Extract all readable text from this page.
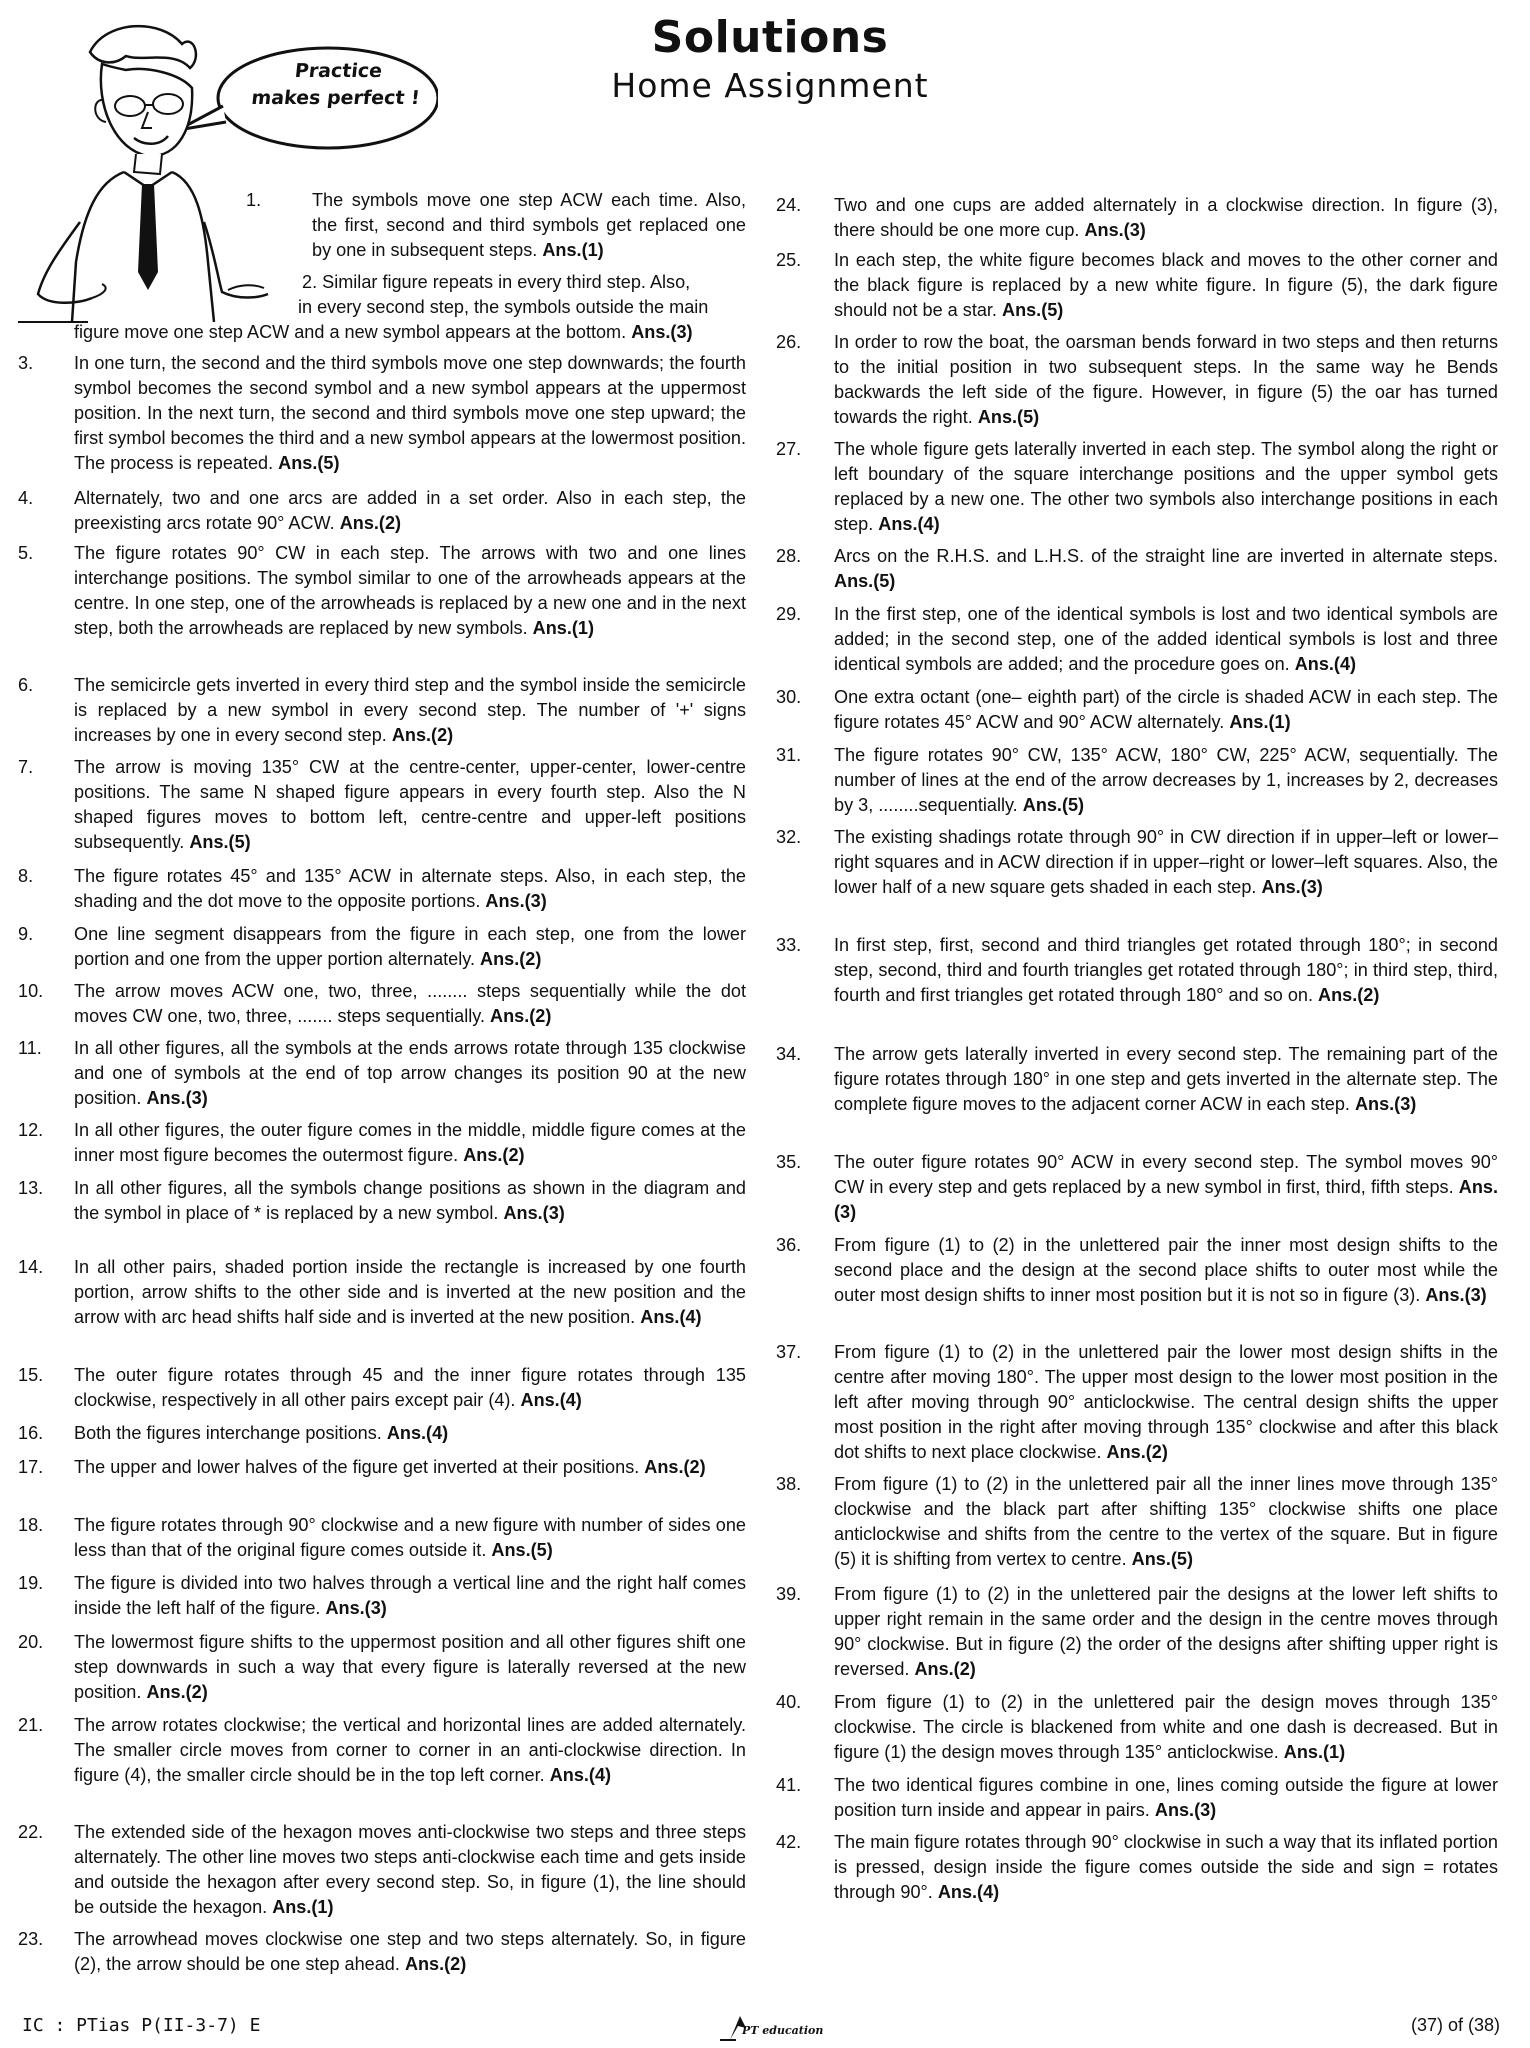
Solutions
Home Assignment
Practice
makes perfect !
1.	The symbols move one step ACW each time. Also, the first, second and third symbols get replaced one by one in subsequent steps. Ans.(1)
2. Similar figure repeats in every third step. Also,
in every second step, the symbols outside the main
figure move one step ACW and a new symbol appears at the bottom. Ans.(3)
3.	In one turn, the second and the third symbols move one step downwards; the fourth symbol becomes the second symbol and a new symbol appears at the uppermost position. In the next turn, the second and third symbols move one step upward; the first symbol becomes the third and a new symbol appears at the lowermost position. The process is repeated. Ans.(5)
4.	Alternately, two and one arcs are added in a set order. Also in each step, the preexisting arcs rotate 90° ACW. Ans.(2)
5.	The figure rotates 90° CW in each step. The arrows with two and one lines interchange positions. The symbol similar to one of the arrowheads appears at the centre. In one step, one of the arrowheads is replaced by a new one and in the next step, both the arrowheads are replaced by new symbols. Ans.(1)
6.	The semicircle gets inverted in every third step and the symbol inside the semicircle is replaced by a new symbol in every second step. The number of '+' signs increases by one in every second step. Ans.(2)
7.	The arrow is moving 135° CW at the centre-center, upper-center, lower-centre positions. The same N shaped figure appears in every fourth step. Also the N shaped figures moves to bottom left, centre-centre and upper-left positions subsequently. Ans.(5)
8.	The figure rotates 45° and 135° ACW in alternate steps. Also, in each step, the shading and the dot move to the opposite portions. Ans.(3)
9.	One line segment disappears from the figure in each step, one from the lower portion and one from the upper portion alternately. Ans.(2)
10.	The arrow moves ACW one, two, three, ........ steps sequentially while the dot moves CW one, two, three, ....... steps sequentially. Ans.(2)
11.	In all other figures, all the symbols at the ends arrows rotate through 135 clockwise and one of symbols at the end of top arrow changes its position 90 at the new position. Ans.(3)
12.	In all other figures, the outer figure comes in the middle, middle figure comes at the inner most figure becomes the outermost figure. Ans.(2)
13.	In all other figures, all the symbols change positions as shown in the diagram and the symbol in place of * is replaced by a new symbol. Ans.(3)
14.	In all other pairs, shaded portion inside the rectangle is increased by one fourth portion, arrow shifts to the other side and is inverted at the new position and the arrow with arc head shifts half side and is inverted at the new position. Ans.(4)
15.	The outer figure rotates through 45 and the inner figure rotates through 135 clockwise, respectively in all other pairs except pair (4). Ans.(4)
16.	Both the figures interchange positions. Ans.(4)
17.	The upper and lower halves of the figure get inverted at their positions. Ans.(2)
18.	The figure rotates through 90° clockwise and a new figure with number of sides one less than that of the original figure comes outside it. Ans.(5)
19.	The figure is divided into two halves through a vertical line and the right half comes inside the left half of the figure. Ans.(3)
20.	The lowermost figure shifts to the uppermost position and all other figures shift one step downwards in such a way that every figure is laterally reversed at the new position. Ans.(2)
21.	The arrow rotates clockwise; the vertical and horizontal lines are added alternately. The smaller circle moves from corner to corner in an anti-clockwise direction. In figure (4), the smaller circle should be in the top left corner. Ans.(4)
22.	The extended side of the hexagon moves anti-clockwise two steps and three steps alternately. The other line moves two steps anti-clockwise each time and gets inside and outside the hexagon after every second step. So, in figure (1), the line should be outside the hexagon. Ans.(1)
23.	The arrowhead moves clockwise one step and two steps alternately. So, in figure (2), the arrow should be one step ahead. Ans.(2)
24.	Two and one cups are added alternately in a clockwise direction. In figure (3), there should be one more cup. Ans.(3)
25.	In each step, the white figure becomes black and moves to the other corner and the black figure is replaced by a new white figure. In figure (5), the dark figure should not be a star. Ans.(5)
26.	In order to row the boat, the oarsman bends forward in two steps and then returns to the initial position in two subsequent steps. In the same way he Bends backwards the left side of the figure. However, in figure (5) the oar has turned towards the right. Ans.(5)
27.	The whole figure gets laterally inverted in each step. The symbol along the right or left boundary of the square interchange positions and the upper symbol gets replaced by a new one. The other two symbols also interchange positions in each step. Ans.(4)
28.	Arcs on the R.H.S. and L.H.S. of the straight line are inverted in alternate steps. Ans.(5)
29.	In the first step, one of the identical symbols is lost and two identical symbols are added; in the second step, one of the added identical symbols is lost and three identical symbols are added; and the procedure goes on. Ans.(4)
30.	One extra octant (one– eighth part) of the circle is shaded ACW in each step. The figure rotates 45° ACW and 90° ACW alternately. Ans.(1)
31.	The figure rotates 90° CW, 135° ACW, 180° CW, 225° ACW, sequentially. The number of lines at the end of the arrow decreases by 1, increases by 2, decreases by 3, ........sequentially. Ans.(5)
32.	The existing shadings rotate through 90° in CW direction if in upper–left or lower–right squares and in ACW direction if in upper–right or lower–left squares. Also, the lower half of a new square gets shaded in each step. Ans.(3)
33.	In first step, first, second and third triangles get rotated through 180°; in second step, second, third and fourth triangles get rotated through 180°; in third step, third, fourth and first triangles get rotated through 180° and so on. Ans.(2)
34.	The arrow gets laterally inverted in every second step. The remaining part of the figure rotates through 180° in one step and gets inverted in the alternate step. The complete figure moves to the adjacent corner ACW in each step. Ans.(3)
35.	The outer figure rotates 90° ACW in every second step. The symbol moves 90° CW in every step and gets replaced by a new symbol in first, third, fifth steps. Ans.(3)
36.	From figure (1) to (2) in the unlettered pair the inner most design shifts to the second place and the design at the second place shifts to outer most while the outer most design shifts to inner most position but it is not so in figure (3). Ans.(3)
37.	From figure (1) to (2) in the unlettered pair the lower most design shifts in the centre after moving 180°. The upper most design to the lower most position in the left after moving through 90° anticlockwise. The central design shifts the upper most position in the right after moving through 135° clockwise and after this black dot shifts to next place clockwise. Ans.(2)
38.	From figure (1) to (2) in the unlettered pair all the inner lines move through 135° clockwise and the black part after shifting 135° clockwise shifts one place anticlockwise and shifts from the centre to the vertex of the square. But in figure (5) it is shifting from vertex to centre. Ans.(5)
39.	From figure (1) to (2) in the unlettered pair the designs at the lower left shifts to upper right remain in the same order and the design in the centre moves through 90° clockwise. But in figure (2) the order of the designs after shifting upper right is reversed. Ans.(2)
40.	From figure (1) to (2) in the unlettered pair the design moves through 135° clockwise. The circle is blackened from white and one dash is decreased. But in figure (1) the design moves through 135° anticlockwise. Ans.(1)
41.	The two identical figures combine in one, lines coming outside the figure at lower position turn inside and appear in pairs. Ans.(3)
42.	The main figure rotates through 90° clockwise in such a way that its inflated portion is pressed, design inside the figure comes outside the side and sign = rotates through 90°. Ans.(4)
IC : PTias P(II-3-7) E	PT education	(37) of (38)
